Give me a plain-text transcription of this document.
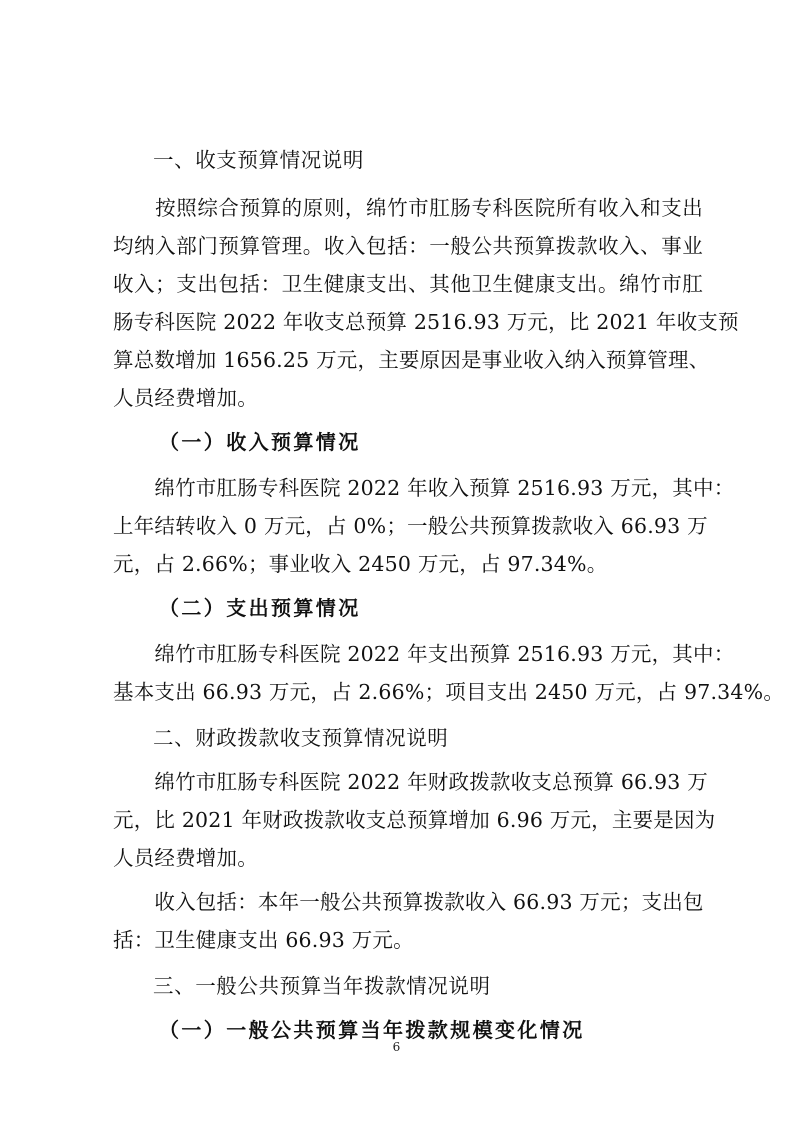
一、收支预算情况说明
　　按照综合预算的原则，绵竹市肛肠专科医院所有收入和支出
均纳入部门预算管理。收入包括：一般公共预算拨款收入、事业
收入；支出包括：卫生健康支出、其他卫生健康支出。绵竹市肛
肠专科医院 2022 年收支总预算 2516.93 万元，比 2021 年收支预
算总数增加 1656.25 万元，主要原因是事业收入纳入预算管理、
人员经费增加。
（一）收入预算情况
　　绵竹市肛肠专科医院 2022 年收入预算 2516.93 万元，其中：
上年结转收入 0 万元，占 0%；一般公共预算拨款收入 66.93 万
元，占 2.66%；事业收入 2450 万元，占 97.34%。
（二）支出预算情况
　　绵竹市肛肠专科医院 2022 年支出预算 2516.93 万元，其中：
基本支出 66.93 万元，占 2.66%；项目支出 2450 万元，占 97.34%。
二、财政拨款收支预算情况说明
　　绵竹市肛肠专科医院 2022 年财政拨款收支总预算 66.93 万
元，比 2021 年财政拨款收支总预算增加 6.96 万元，主要是因为
人员经费增加。
　　收入包括：本年一般公共预算拨款收入 66.93 万元；支出包
括：卫生健康支出 66.93 万元。
三、一般公共预算当年拨款情况说明
（一）一般公共预算当年拨款规模变化情况
6
